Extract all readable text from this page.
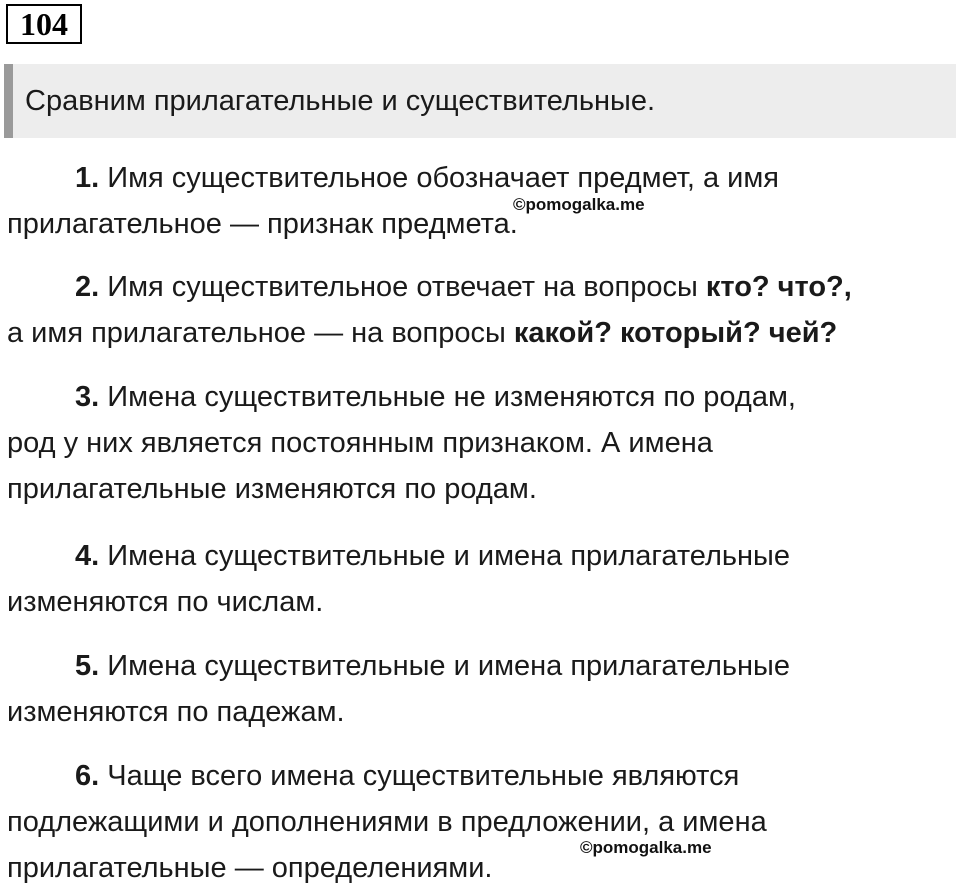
104
Сравним прилагательные и существительные.
1. Имя существительное обозначает предмет, а имя
прилагательное — признак предмета.
©pomogalka.me
2. Имя существительное отвечает на вопросы кто? что?,
а имя прилагательное — на вопросы какой? который? чей?
3. Имена существительные не изменяются по родам,
род у них является постоянным признаком. А имена
прилагательные изменяются по родам.
4. Имена существительные и имена прилагательные
изменяются по числам.
5. Имена существительные и имена прилагательные
изменяются по падежам.
6. Чаще всего имена существительные являются
подлежащими и дополнениями в предложении, а имена
прилагательные — определениями.
©pomogalka.me
